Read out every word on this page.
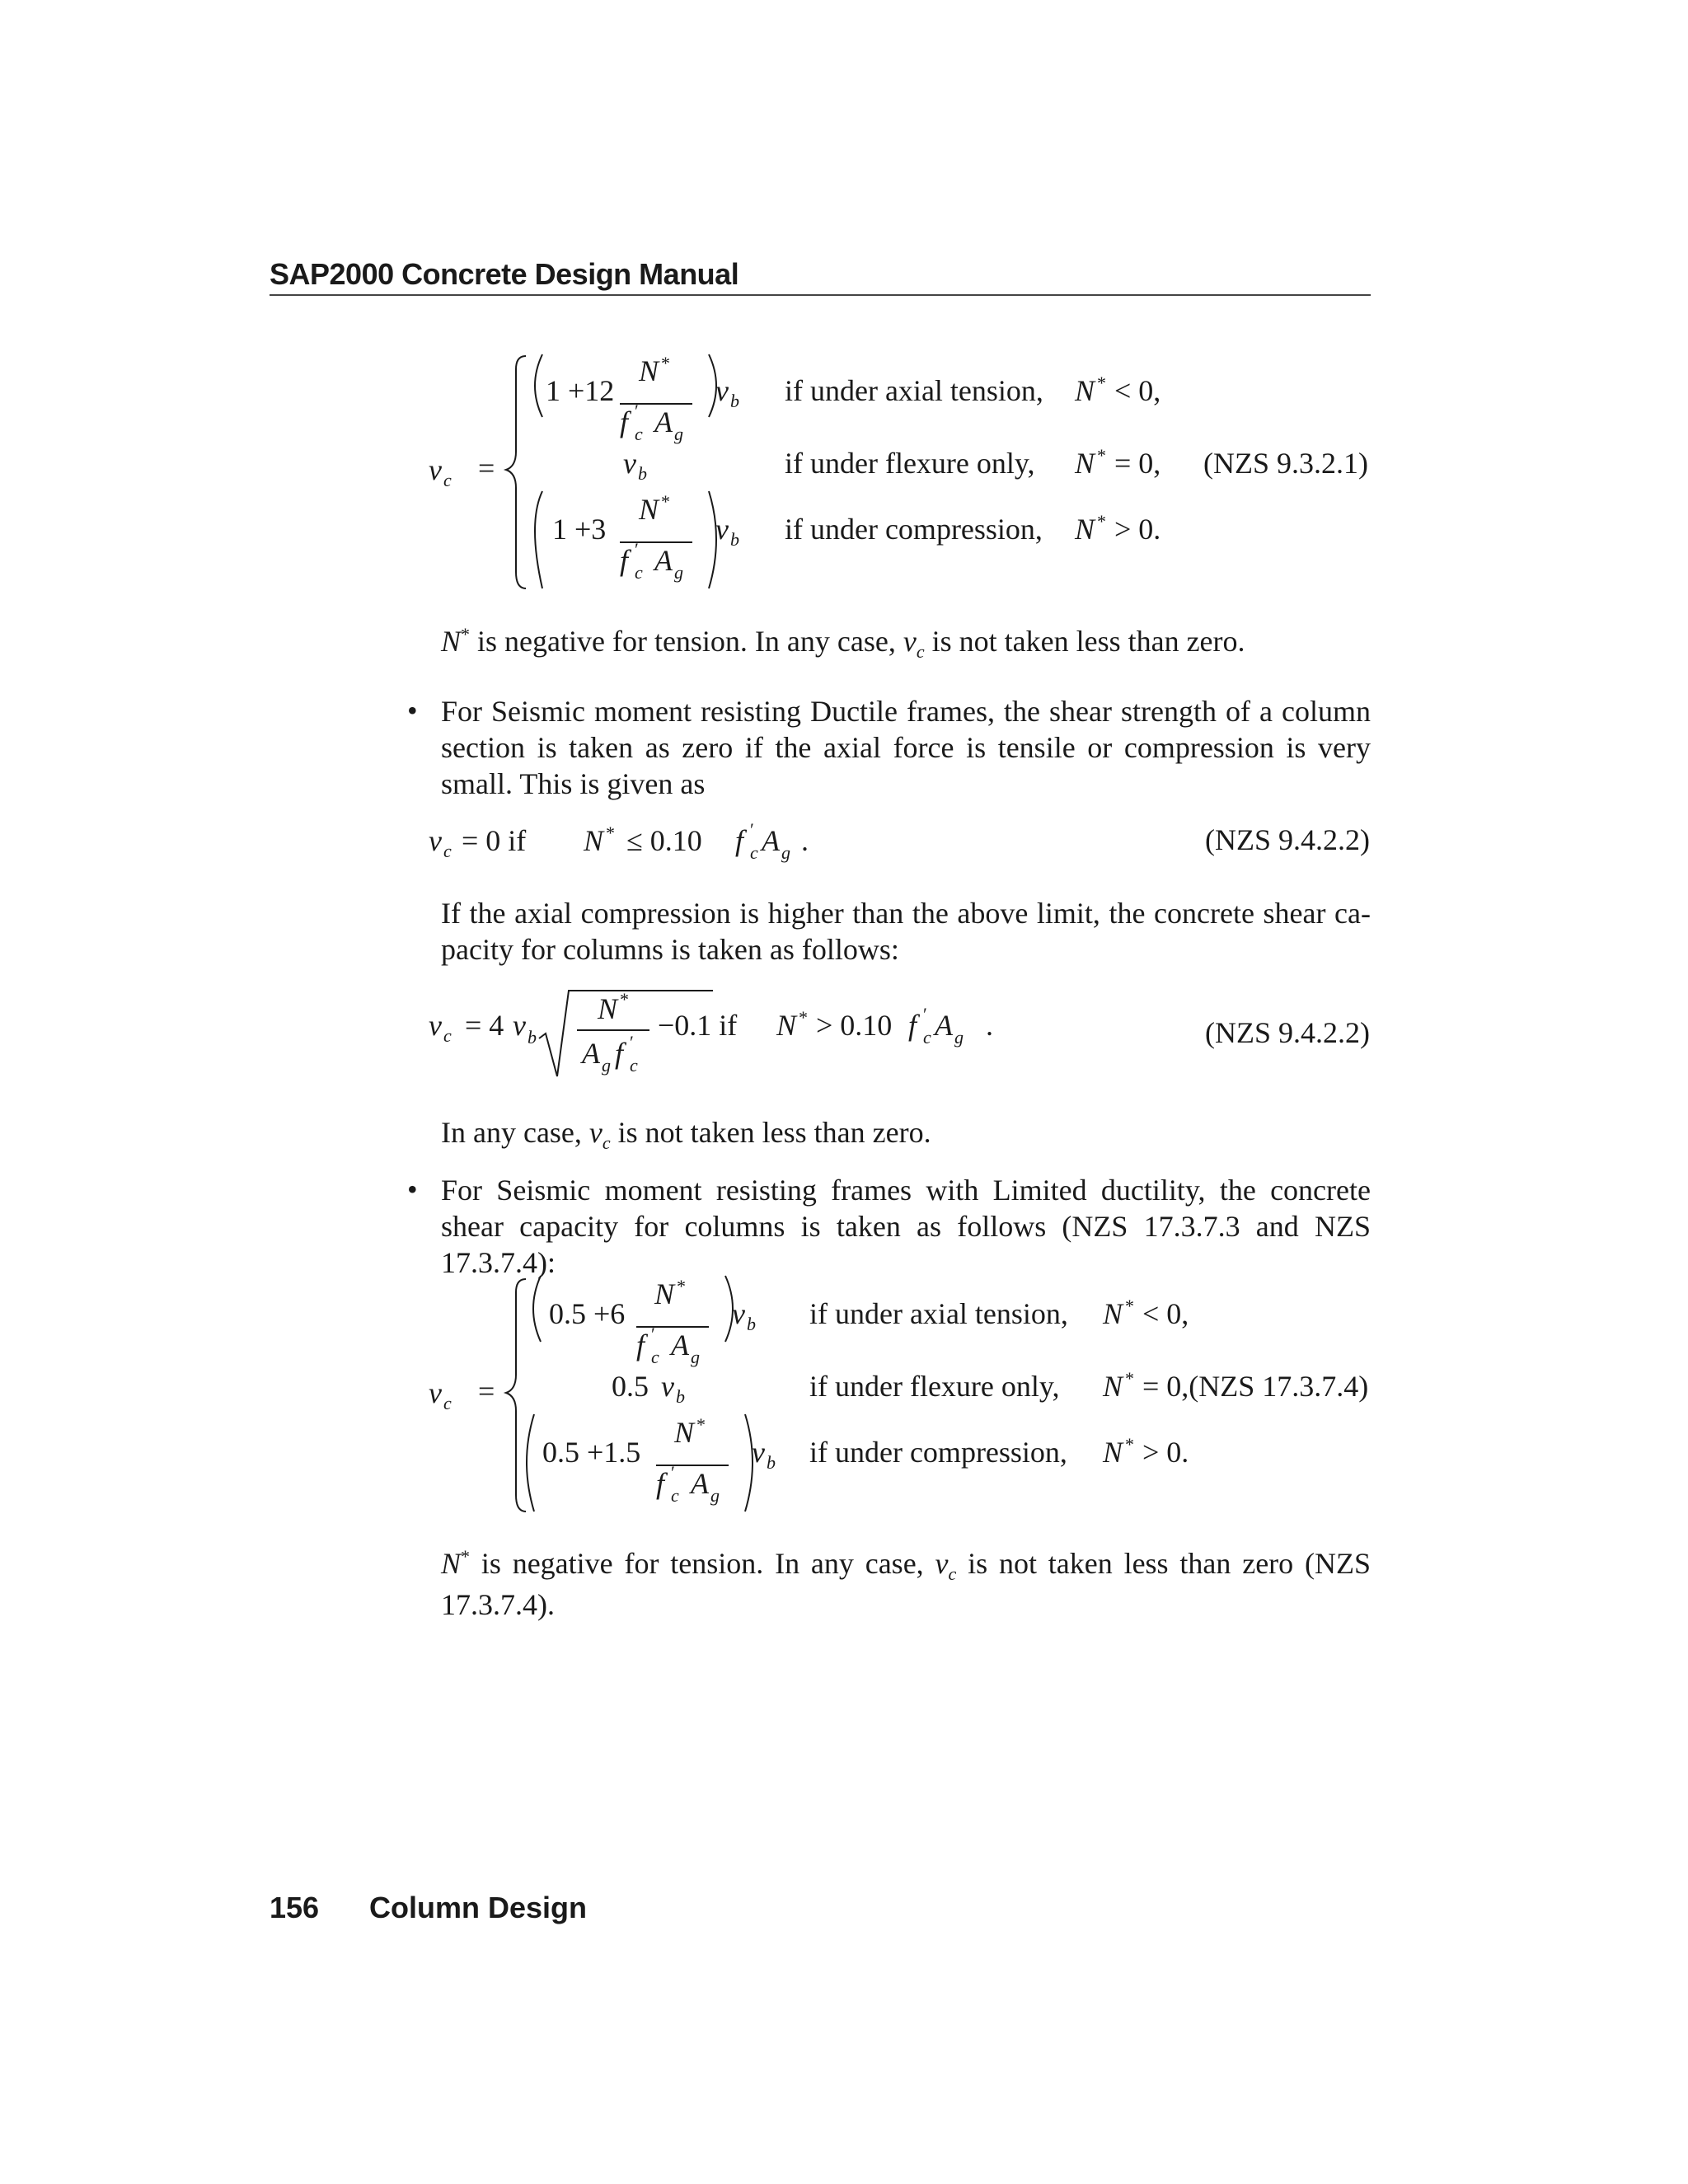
SAP2000 Concrete Design Manual
v c =
1 +12
N *
f ′
c A g
v b if under axial tension, N * < 0,
v b	if under flexure only, N * = 0, (NZS 9.3.2.1)
1 +3
N *
f ′
c A g
v b if under compression, N * > 0.
N* is negative for tension. In any case, $v_c$ is not taken less than zero.
• For Seismic moment resisting Ductile frames, the shear strength of a column section is taken as zero if the axial force is tensile or compression is very small. This is given as
v c = 0 if N * ≤ 0.10 f ′
c A g .	(NZS 9.4.2.2)
If the axial compression is higher than the above limit, the concrete shear ca-pacity for columns is taken as follows:
v c = 4 v b
N *
A g f ′
c
−0.1 if N * > 0.10 f ′
c A g .	(NZS 9.4.2.2)
In any case, $v_c$ is not taken less than zero.
• For Seismic moment resisting frames with Limited ductility, the concrete shear capacity for columns is taken as follows (NZS 17.3.7.3 and NZS 17.3.7.4):
v c =
0.5 +6
N *
f ′
c A g
v b if under axial tension, N * < 0,
0.5 v b	if under flexure only, N * = 0,(NZS 17.3.7.4)
0.5 +1.5
N *
f ′
c A g
v b if under compression, N * > 0.
N* is negative for tension. In any case, $v_c$ is not taken less than zero (NZS 17.3.7.4).
156 Column Design
